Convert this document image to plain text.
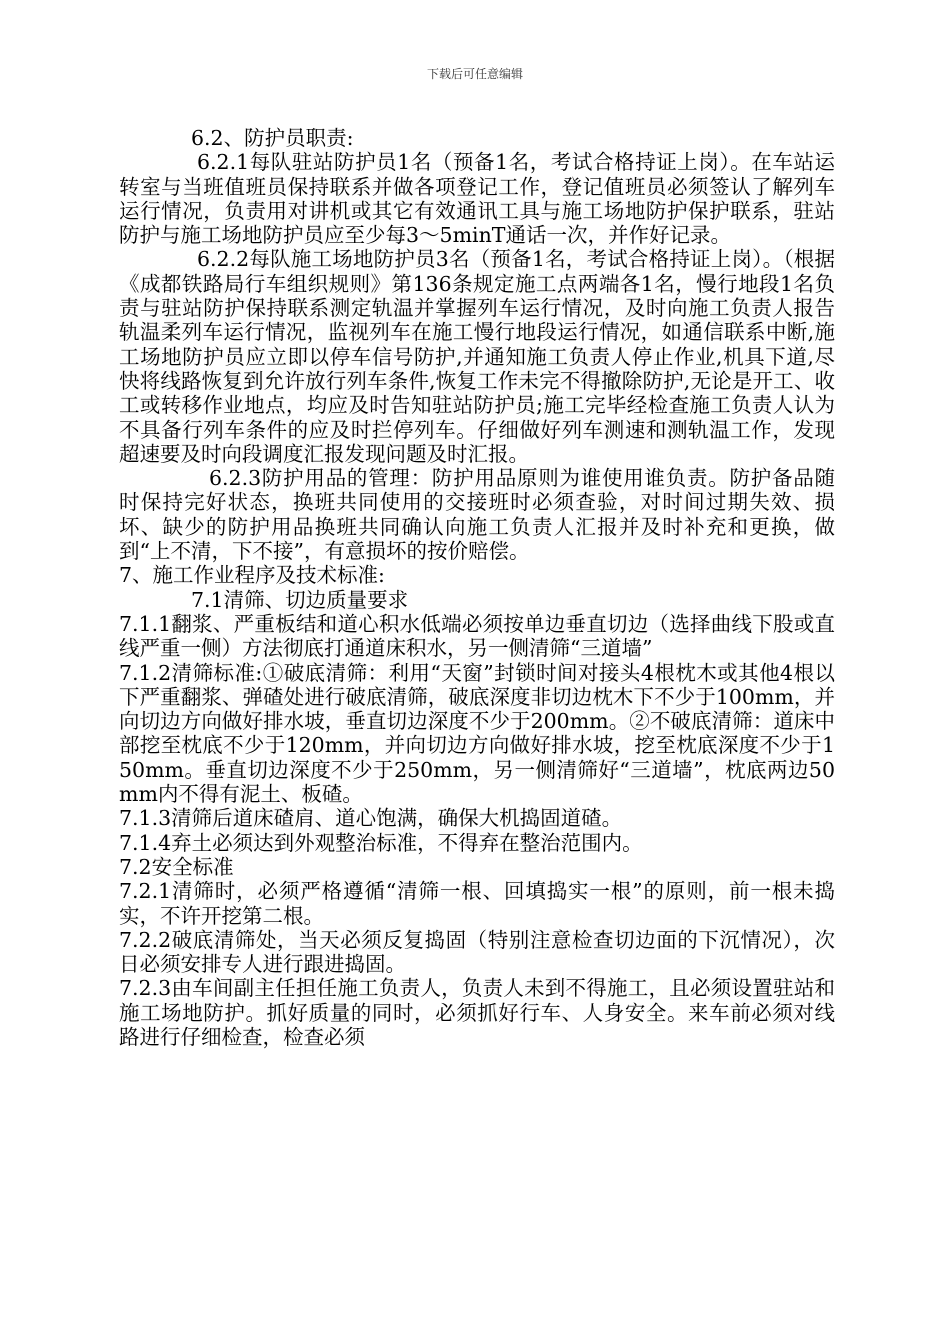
下载后可任意编辑

6.2、防护员职责:

6.2.1每队驻站防护员1名（预备1名，考试合格持证上岗）。在车站运转室与当班值班员保持联系并做各项登记工作，登记值班员必须签认了解列车运行情况，负责用对讲机或其它有效通讯工具与施工场地防护保护联系，驻站防护与施工场地防护员应至少每3～5minT通话一次，并作好记录。

6.2.2每队施工场地防护员3名（预备1名，考试合格持证上岗）。（根据《成都铁路局行车组织规则》第136条规定施工点两端各1名，慢行地段1名负责与驻站防护保持联系测定轨温并掌握列车运行情况，及时向施工负责人报告轨温柔列车运行情况，监视列车在施工慢行地段运行情况，如通信联系中断,施工场地防护员应立即以停车信号防护,并通知施工负责人停止作业,机具下道,尽快将线路恢复到允许放行列车条件,恢复工作未完不得撤除防护,无论是开工、收工或转移作业地点，均应及时告知驻站防护员;施工完毕经检查施工负责人认为不具备行列车条件的应及时拦停列车。仔细做好列车测速和测轨温工作，发现超速要及时向段调度汇报发现问题及时汇报。

6.2.3防护用品的管理：防护用品原则为谁使用谁负责。防护备品随时保持完好状态，换班共同使用的交接班时必须查验，对时间过期失效、损坏、缺少的防护用品换班共同确认向施工负责人汇报并及时补充和更换，做到“上不清，下不接”，有意损坏的按价赔偿。

7、施工作业程序及技术标准:

7.1清筛、切边质量要求

7.1.1翻浆、严重板结和道心积水低端必须按单边垂直切边（选择曲线下股或直线严重一侧）方法彻底打通道床积水，另一侧清筛“三道墙”

7.1.2清筛标准:①破底清筛：利用“天窗”封锁时间对接头4根枕木或其他4根以下严重翻浆、弹碴处进行破底清筛，破底深度非切边枕木下不少于100mm，并向切边方向做好排水坡，垂直切边深度不少于200mm。②不破底清筛：道床中部挖至枕底不少于120mm，并向切边方向做好排水坡，挖至枕底深度不少于150mm。垂直切边深度不少于250mm，另一侧清筛好“三道墙”，枕底两边50mm内不得有泥土、板碴。

7.1.3清筛后道床碴肩、道心饱满，确保大机捣固道碴。

7.1.4弃土必须达到外观整治标准，不得弃在整治范围内。

7.2安全标准

7.2.1清筛时，必须严格遵循“清筛一根、回填捣实一根”的原则，前一根未捣实，不许开挖第二根。

7.2.2破底清筛处，当天必须反复捣固（特别注意检查切边面的下沉情况），次日必须安排专人进行跟进捣固。

7.2.3由车间副主任担任施工负责人，负责人未到不得施工，且必须设置驻站和施工场地防护。抓好质量的同时，必须抓好行车、人身安全。来车前必须对线路进行仔细检查，检查必须
